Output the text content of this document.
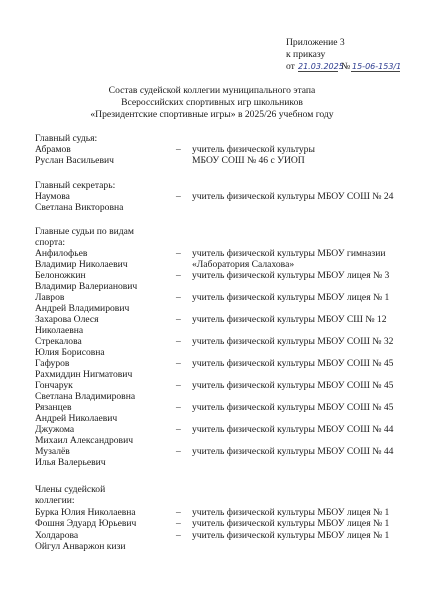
Приложение 3
к приказу
от 21.03.2025
№ 15-06-153/1
Состав судейской коллегии муниципального этапа
Всероссийских спортивных игр школьников
«Президентские спортивные игры» в 2025/26 учебном году
Главный судья:
Абрамов	– учитель физической культуры
Руслан Васильевич	МБОУ СОШ № 46 с УИОП
Главный секретарь:
Наумова	– учитель физической культуры МБОУ СОШ № 24
Светлана Викторовна
Главные судьи по видам
спорта:
Анфилофьев	– учитель физической культуры МБОУ гимназии
Владимир Николаевич	«Лаборатория Салахова»
Белоножкин	– учитель физической культуры МБОУ лицея № 3
Владимир Валерианович
Лавров	– учитель физической культуры МБОУ лицея № 1
Андрей Владимирович
Захарова Олеся	– учитель физической культуры МБОУ СШ № 12
Николаевна
Стрекалова	– учитель физической культуры МБОУ СОШ № 32
Юлия Борисовна
Гафуров	– учитель физической культуры МБОУ СОШ № 45
Рахмиддин Нигматович
Гончарук	– учитель физической культуры МБОУ СОШ № 45
Светлана Владимировна
Рязанцев	– учитель физической культуры МБОУ СОШ № 45
Андрей Николаевич
Джужома	– учитель физической культуры МБОУ СОШ № 44
Михаил Александрович
Музалёв	– учитель физической культуры МБОУ СОШ № 44
Илья Валерьевич
Члены судейской
коллегии:
Бурка Юлия Николаевна	– учитель физической культуры МБОУ лицея № 1
Фошня Эдуард Юрьевич	– учитель физической культуры МБОУ лицея № 1
Холдарова	– учитель физической культуры МБОУ лицея № 1
Ойгул Анваржон кизи
